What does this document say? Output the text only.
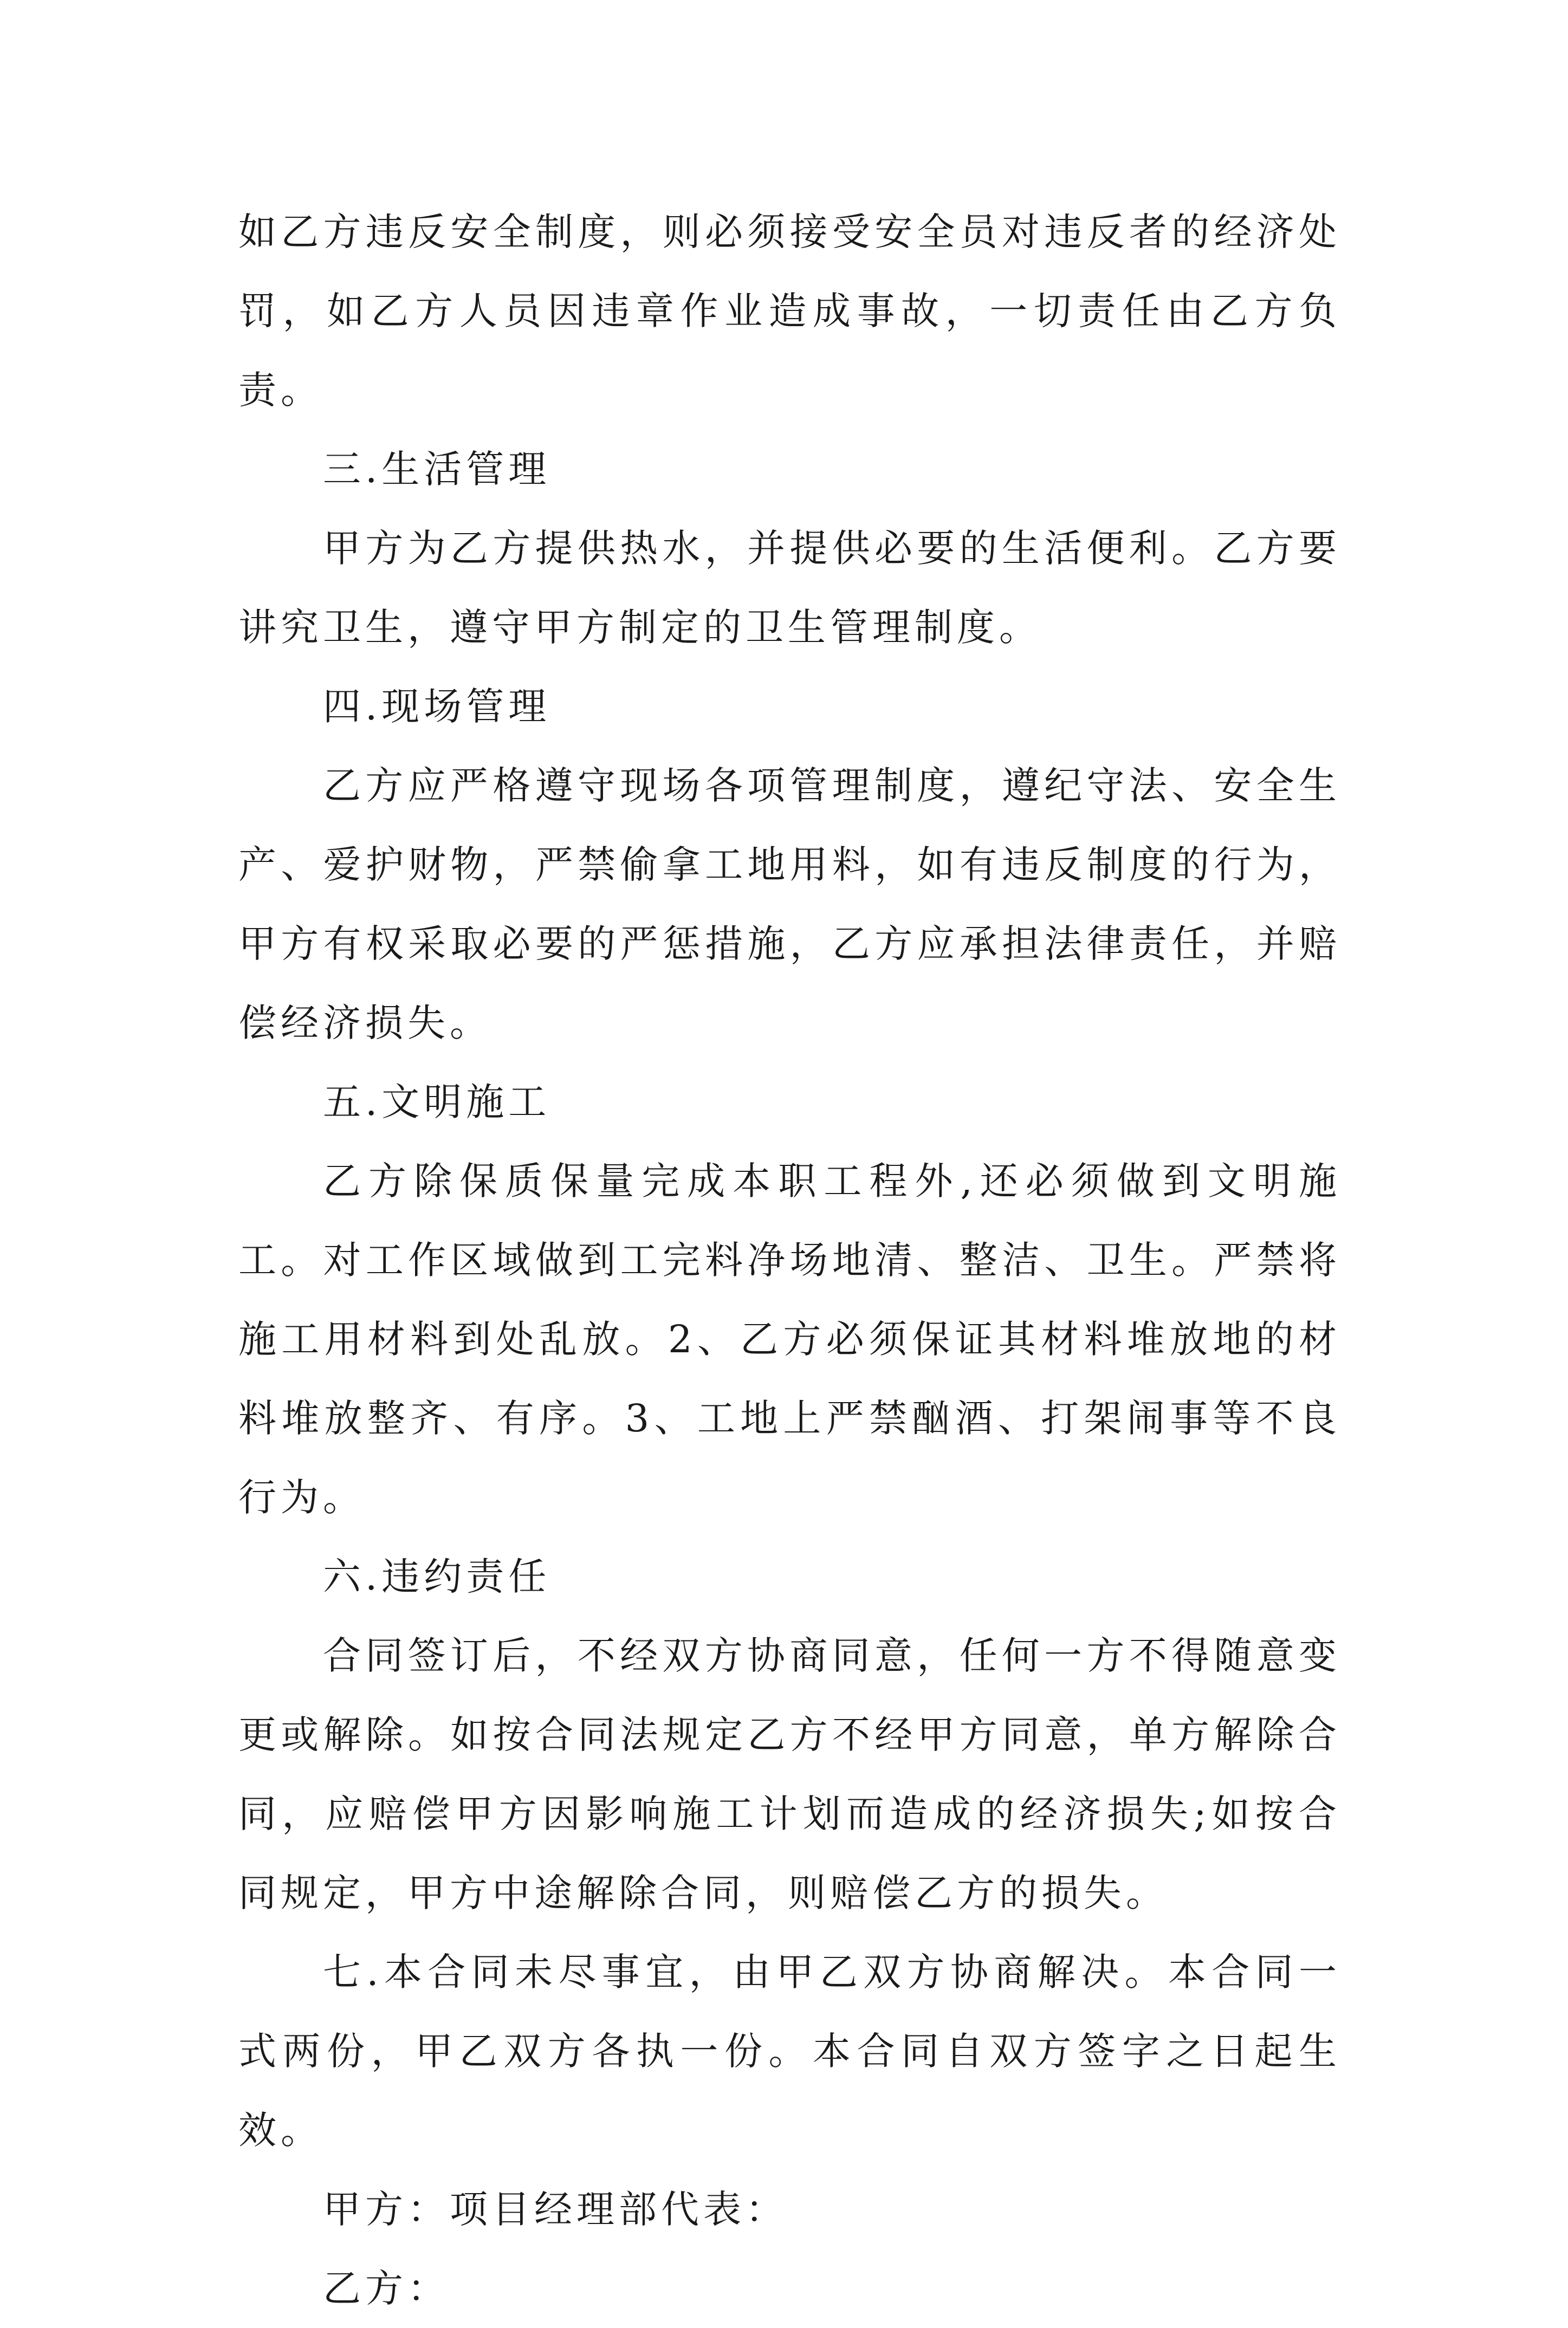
如乙方违反安全制度，则必须接受安全员对违反者的经济处罚，如乙方人员因违章作业造成事故，一切责任由乙方负责。

三.生活管理

甲方为乙方提供热水，并提供必要的生活便利。乙方要讲究卫生，遵守甲方制定的卫生管理制度。

四.现场管理

乙方应严格遵守现场各项管理制度，遵纪守法、安全生产、爱护财物，严禁偷拿工地用料，如有违反制度的行为，甲方有权采取必要的严惩措施，乙方应承担法律责任，并赔偿经济损失。

五.文明施工

乙方除保质保量完成本职工程外,还必须做到文明施工。对工作区域做到工完料净场地清、整洁、卫生。严禁将施工用材料到处乱放。2、乙方必须保证其材料堆放地的材料堆放整齐、有序。3、工地上严禁酗酒、打架闹事等不良行为。

六.违约责任

合同签订后，不经双方协商同意，任何一方不得随意变更或解除。如按合同法规定乙方不经甲方同意，单方解除合同，应赔偿甲方因影响施工计划而造成的经济损失;如按合同规定，甲方中途解除合同，则赔偿乙方的损失。

七.本合同未尽事宜，由甲乙双方协商解决。本合同一式两份，甲乙双方各执一份。本合同自双方签字之日起生效。

甲方：项目经理部代表：

乙方：
